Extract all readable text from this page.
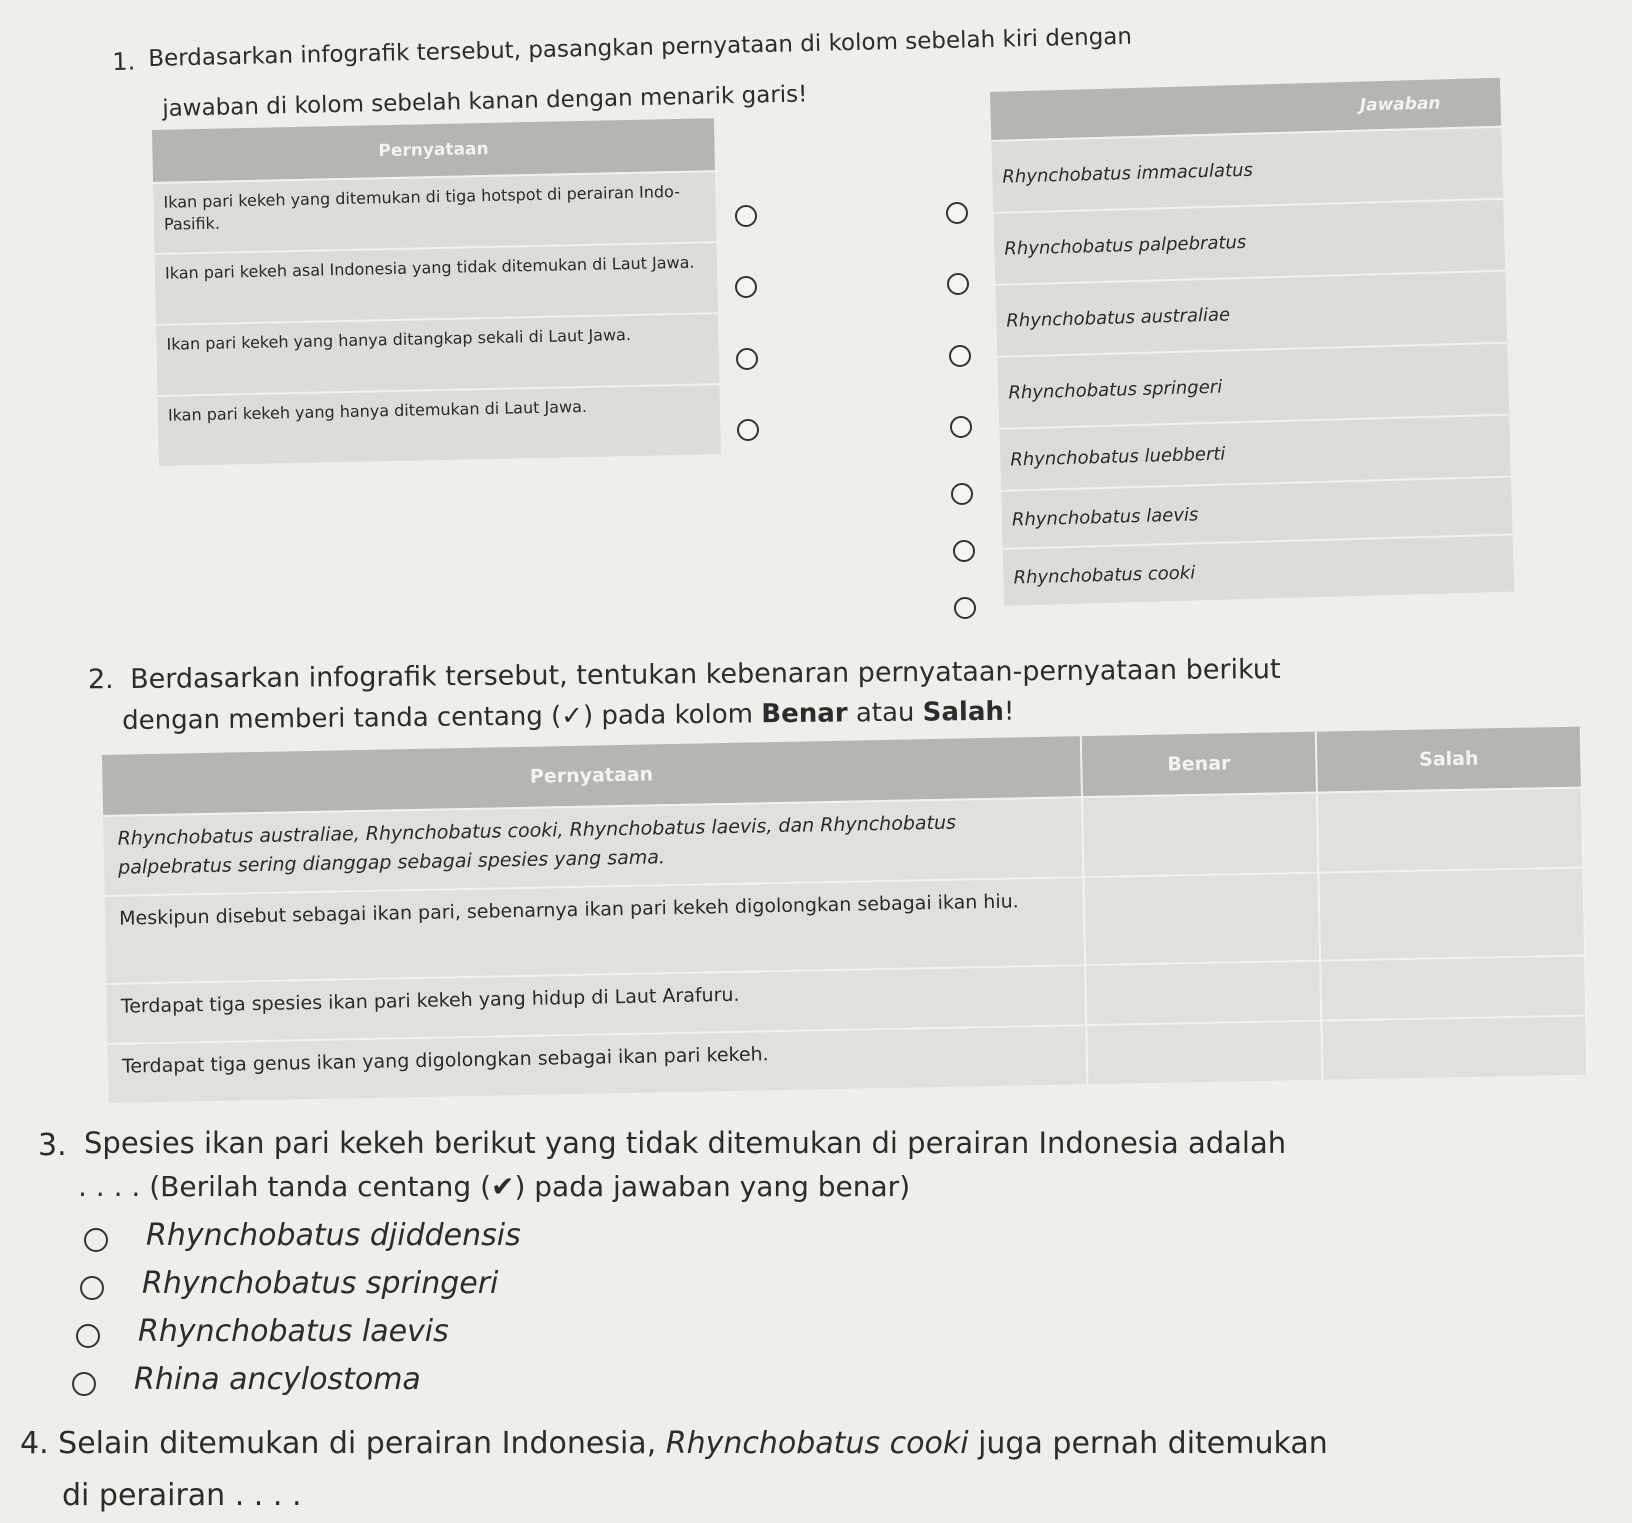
1. Berdasarkan infografik tersebut, pasangkan pernyataan di kolom sebelah kiri dengan
jawaban di kolom sebelah kanan dengan menarik garis!
Pernyataan
Ikan pari kekeh yang ditemukan di tiga hotspot di perairan Indo-Pasifik.
Ikan pari kekeh asal Indonesia yang tidak ditemukan di Laut Jawa.
Ikan pari kekeh yang hanya ditangkap sekali di Laut Jawa.
Ikan pari kekeh yang hanya ditemukan di Laut Jawa.
Jawaban
Rhynchobatus immaculatus
Rhynchobatus palpebratus
Rhynchobatus australiae
Rhynchobatus springeri
Rhynchobatus luebberti
Rhynchobatus laevis
Rhynchobatus cooki
2. Berdasarkan infografik tersebut, tentukan kebenaran pernyataan-pernyataan berikut
dengan memberi tanda centang (✓) pada kolom Benar atau Salah!
Pernyataan	Benar	Salah
Rhynchobatus australiae, Rhynchobatus cooki, Rhynchobatus laevis, dan Rhynchobatus palpebratus sering dianggap sebagai spesies yang sama.
Meskipun disebut sebagai ikan pari, sebenarnya ikan pari kekeh digolongkan sebagai ikan hiu.
Terdapat tiga spesies ikan pari kekeh yang hidup di Laut Arafuru.
Terdapat tiga genus ikan yang digolongkan sebagai ikan pari kekeh.
3. Spesies ikan pari kekeh berikut yang tidak ditemukan di perairan Indonesia adalah
. . . . (Berilah tanda centang (✔) pada jawaban yang benar)
Rhynchobatus djiddensis
Rhynchobatus springeri
Rhynchobatus laevis
Rhina ancylostoma
4. Selain ditemukan di perairan Indonesia, Rhynchobatus cooki juga pernah ditemukan
di perairan . . . .
